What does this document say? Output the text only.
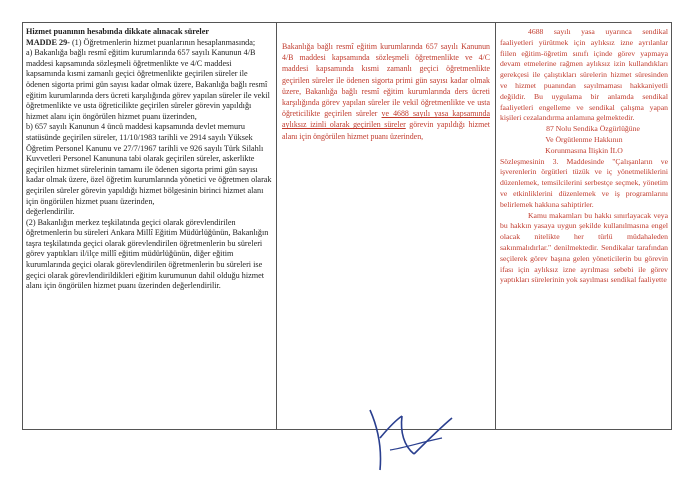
Hizmet puanının hesabında dikkate alınacak süreler

MADDE 29- (1) Öğretmenlerin hizmet puanlarının hesaplanmasında;

a) Bakanlığa bağlı resmî eğitim kurumlarında 657 sayılı Kanunun 4/B maddesi kapsamında sözleşmeli öğretmenlikte ve 4/C maddesi kapsamında kısmi zamanlı geçici öğretmenlikte geçirilen süreler ile ödenen sigorta primi gün sayısı kadar olmak üzere, Bakanlığa bağlı resmî eğitim kurumlarında ders ücreti karşılığında görev yapılan süreler ile vekil öğretmenlikte ve usta öğreticilikte geçirilen süreler görevin yapıldığı hizmet alanı için öngörülen hizmet puanı üzerinden,

b) 657 sayılı Kanunun 4 üncü maddesi kapsamında devlet memuru statüsünde geçirilen süreler, 11/10/1983 tarihli ve 2914 sayılı Yüksek Öğretim Personel Kanunu ve 27/7/1967 tarihli ve 926 sayılı Türk Silahlı Kuvvetleri Personel Kanununa tabi olarak geçirilen süreler, askerlikte geçirilen hizmet sürelerinin tamamı ile ödenen sigorta primi gün sayısı kadar olmak üzere, özel öğretim kurumlarında yönetici ve öğretmen olarak geçirilen süreler görevin yapıldığı hizmet bölgesinin birinci hizmet alanı için öngörülen hizmet puanı üzerinden,

değerlendirilir.

(2) Bakanlığın merkez teşkilatında geçici olarak görevlendirilen öğretmenlerin bu süreleri Ankara Millî Eğitim Müdürlüğünün, Bakanlığın taşra teşkilatında geçici olarak görevlendirilen öğretmenlerin bu süreleri görev yaptıkları il/ilçe millî eğitim müdürlüğünün, diğer eğitim kurumlarında geçici olarak görevlendirilen öğretmenlerin bu süreleri ise geçici olarak görevlendirildikleri eğitim kurumunun dahil olduğu hizmet alanı için öngörülen hizmet puanı üzerinden değerlendirilir.

Bakanlığa bağlı resmî eğitim kurumlarında 657 sayılı Kanunun 4/B maddesi kapsamında sözleşmeli öğretmenlikte ve 4/C maddesi kapsamında kısmi zamanlı geçici öğretmenlikte geçirilen süreler ile ödenen sigorta primi gün sayısı kadar olmak üzere, Bakanlığa bağlı resmî eğitim kurumlarında ders ücreti karşılığında görev yapılan süreler ile vekil öğretmenlikte ve usta öğreticilikte geçirilen süreler ve 4688 sayılı yasa kapsamında aylıksız izinli olarak geçirilen süreler görevin yapıldığı hizmet alanı için öngörülen hizmet puanı üzerinden,

4688 sayılı yasa uyarınca sendikal faaliyetleri yürütmek için aylıksız izne ayrılanlar fiilen eğitim-öğretim sınıfı içinde görev yapmaya devam etmelerine rağmen aylıksız izin kullandıkları gerekçesi ile çalıştıkları sürelerin hizmet süresinden ve hizmet puanından sayılmaması hakkaniyetli değildir. Bu uygulama bir anlamda sendikal faaliyetleri engelleme ve sendikal çalışma yapan kişileri cezalandırma anlamına gelmektedir.

87 Nolu Sendika Özgürlüğüne

Ve Örgütlenme Hakkının

Korunmasına İlişkin İLO

Sözleşmesinin 3. Maddesinde "Çalışanların ve işverenlerin örgütleri tüzük ve iç yönetmeliklerini düzenlemek, temsilcilerini serbestçe seçmek, yönetim ve etkinliklerini düzenlemek ve iş programlarını belirlemek hakkına sahiptirler.

Kamu makamları bu hakkı sınırlayacak veya bu hakkın yasaya uygun şekilde kullanılmasına engel olacak nitelikte her türlü müdahaleden sakınmalıdırlar." denilmektedir. Sendikalar tarafından seçilerek görev başına gelen yöneticilerin bu görevin ifası için aylıksız izne ayrılması sebebi ile görev yaptıkları sürelerinin yok sayılması sendikal faaliyette
